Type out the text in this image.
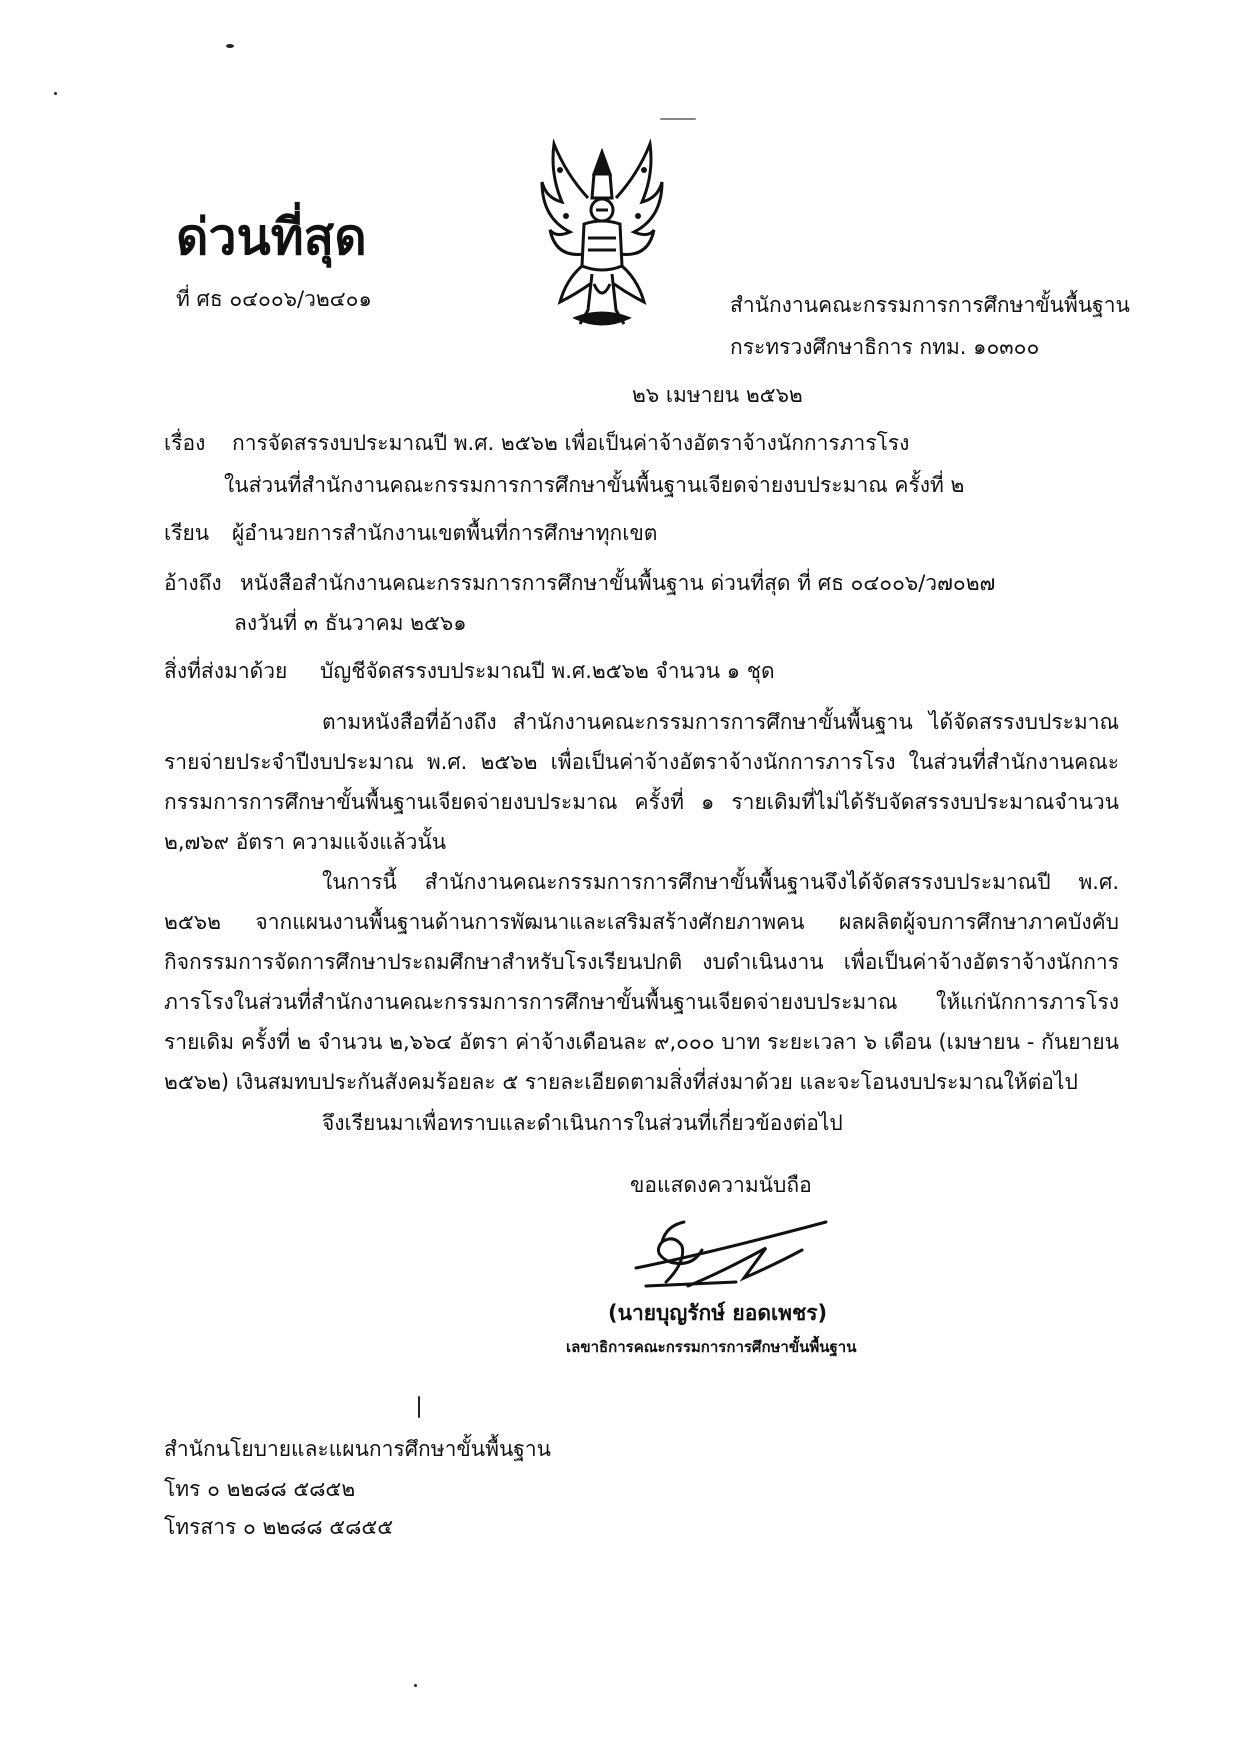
ด่วนที่สุด
ที่ ศธ ๐๔๐๐๖/ว๒๔๐๑	สำนักงานคณะกรรมการการศึกษาขั้นพื้นฐาน
กระทรวงศึกษาธิการ กทม. ๑๐๓๐๐
๒๖ เมษายน ๒๕๖๒
เรื่อง การจัดสรรงบประมาณปี พ.ศ. ๒๕๖๒ เพื่อเป็นค่าจ้างอัตราจ้างนักการภารโรง
ในส่วนที่สำนักงานคณะกรรมการการศึกษาขั้นพื้นฐานเจียดจ่ายงบประมาณ ครั้งที่ ๒
เรียน ผู้อำนวยการสำนักงานเขตพื้นที่การศึกษาทุกเขต
อ้างถึง หนังสือสำนักงานคณะกรรมการการศึกษาขั้นพื้นฐาน ด่วนที่สุด ที่ ศธ ๐๔๐๐๖/ว๗๐๒๗
ลงวันที่ ๓ ธันวาคม ๒๕๖๑
สิ่งที่ส่งมาด้วย บัญชีจัดสรรงบประมาณปี พ.ศ.๒๕๖๒ จำนวน ๑ ชุด
ตามหนังสือที่อ้างถึง สำนักงานคณะกรรมการการศึกษาขั้นพื้นฐาน ได้จัดสรรงบประมาณรายจ่ายประจำปีงบประมาณ พ.ศ. ๒๕๖๒ เพื่อเป็นค่าจ้างอัตราจ้างนักการภารโรง ในส่วนที่สำนักงานคณะกรรมการการศึกษาขั้นพื้นฐานเจียดจ่ายงบประมาณ ครั้งที่ ๑ รายเดิมที่ไม่ได้รับจัดสรรงบประมาณจำนวน ๒,๗๖๙ อัตรา ความแจ้งแล้วนั้น
ในการนี้ สำนักงานคณะกรรมการการศึกษาขั้นพื้นฐานจึงได้จัดสรรงบประมาณปี พ.ศ. ๒๕๖๒ จากแผนงานพื้นฐานด้านการพัฒนาและเสริมสร้างศักยภาพคน ผลผลิตผู้จบการศึกษาภาคบังคับ กิจกรรมการจัดการศึกษาประถมศึกษาสำหรับโรงเรียนปกติ งบดำเนินงาน เพื่อเป็นค่าจ้างอัตราจ้างนักการภารโรงในส่วนที่สำนักงานคณะกรรมการการศึกษาขั้นพื้นฐานเจียดจ่ายงบประมาณ ให้แก่นักการภารโรงรายเดิม ครั้งที่ ๒ จำนวน ๒,๖๖๔ อัตรา ค่าจ้างเดือนละ ๙,๐๐๐ บาท ระยะเวลา ๖ เดือน (เมษายน - กันยายน ๒๕๖๒) เงินสมทบประกันสังคมร้อยละ ๕ รายละเอียดตามสิ่งที่ส่งมาด้วย และจะโอนงบประมาณให้ต่อไป
จึงเรียนมาเพื่อทราบและดำเนินการในส่วนที่เกี่ยวข้องต่อไป
ขอแสดงความนับถือ
(นายบุญรักษ์ ยอดเพชร)
เลขาธิการคณะกรรมการการศึกษาขั้นพื้นฐาน
สำนักนโยบายและแผนการศึกษาขั้นพื้นฐาน
โทร ๐ ๒๒๘๘ ๕๘๕๒
โทรสาร ๐ ๒๒๘๘ ๕๘๕๕
